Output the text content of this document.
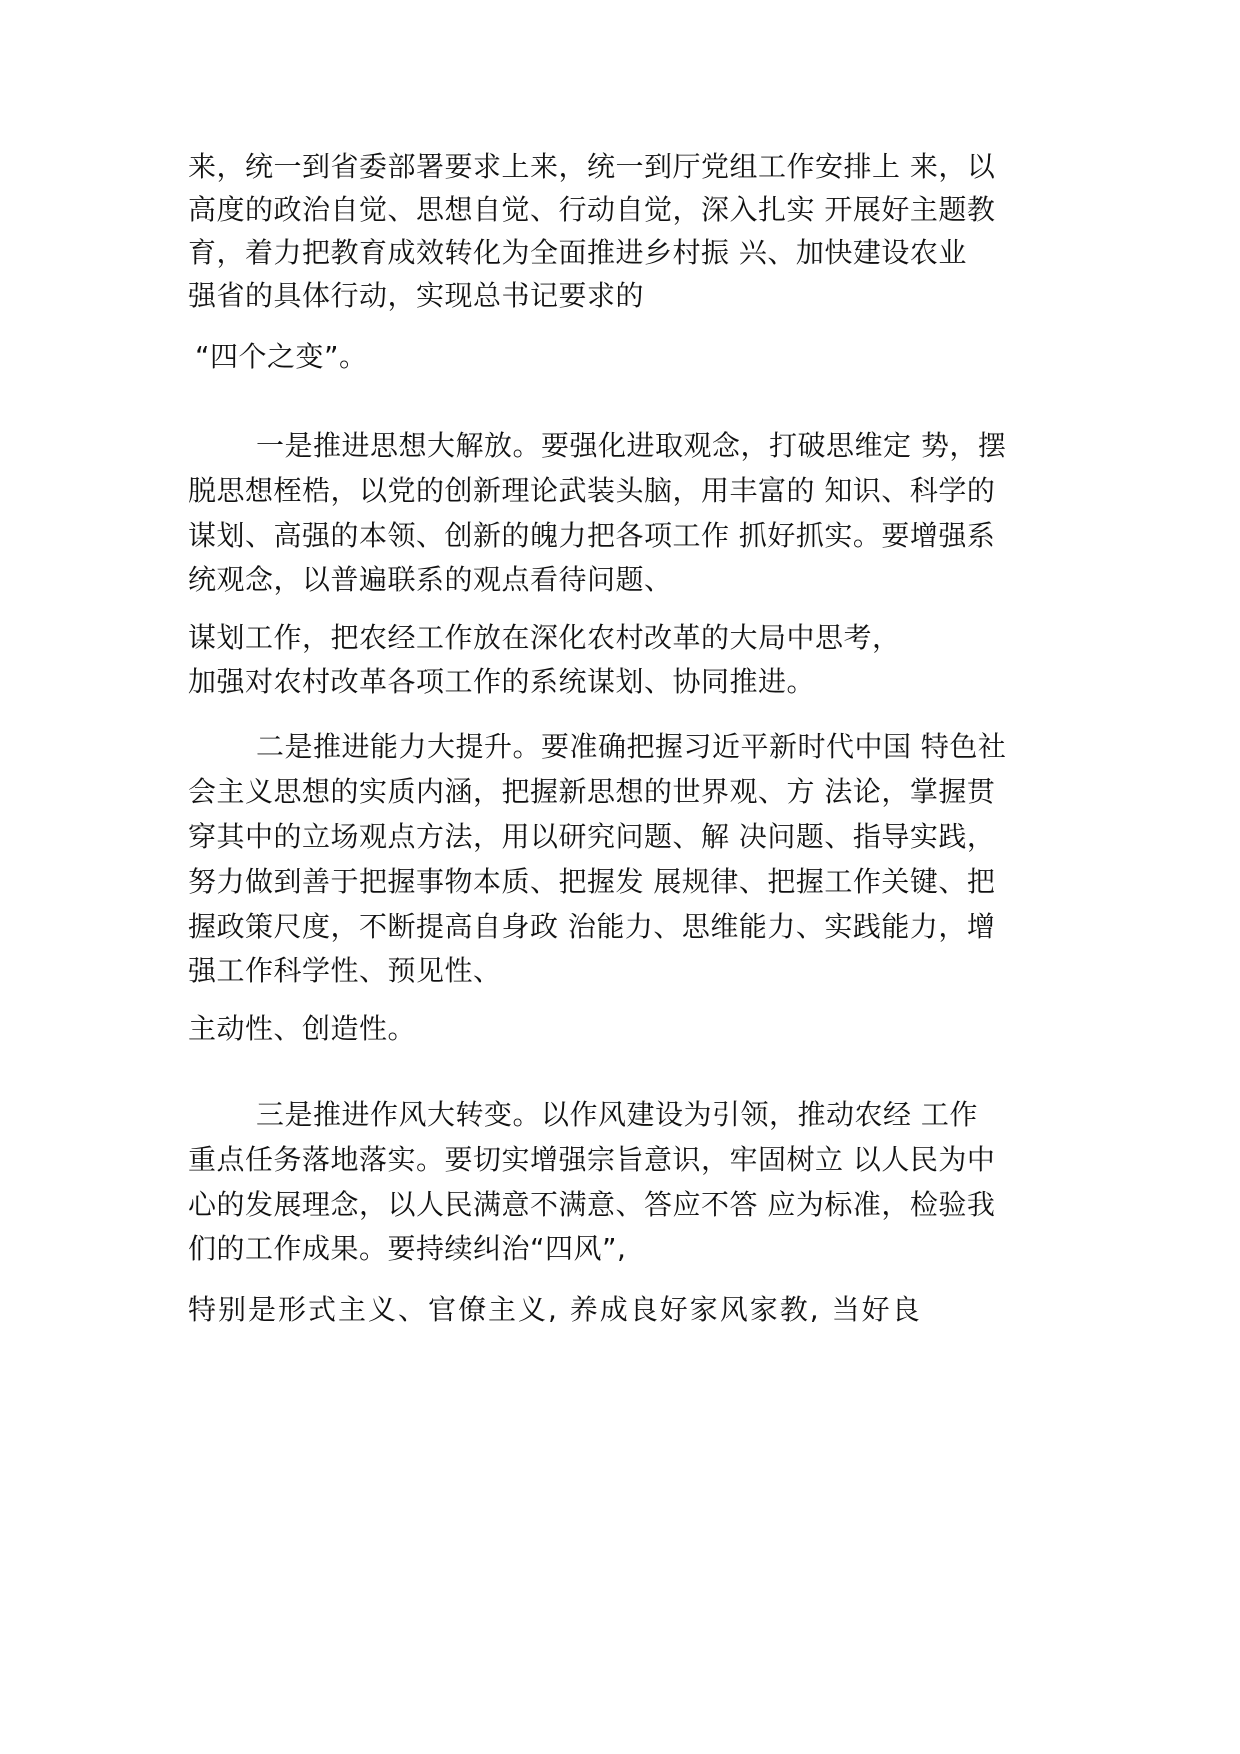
来，统一到省委部署要求上来，统一到厅党组工作安排上 来，以
高度的政治自觉、思想自觉、行动自觉，深入扎实 开展好主题教
育，着力把教育成效转化为全面推进乡村振 兴、加快建设农业
强省的具体行动，实现总书记要求的
“四个之变”。
一是推进思想大解放。要强化进取观念，打破思维定 势，摆
脱思想桎梏，以党的创新理论武装头脑，用丰富的 知识、科学的
谋划、高强的本领、创新的魄力把各项工作 抓好抓实。要增强系
统观念，以普遍联系的观点看待问题、
谋划工作，把农经工作放在深化农村改革的大局中思考，
加强对农村改革各项工作的系统谋划、协同推进。
二是推进能力大提升。要准确把握习近平新时代中国 特色社
会主义思想的实质内涵，把握新思想的世界观、方 法论，掌握贯
穿其中的立场观点方法，用以研究问题、解 决问题、指导实践，
努力做到善于把握事物本质、把握发 展规律、把握工作关键、把
握政策尺度，不断提高自身政 治能力、思维能力、实践能力，增
强工作科学性、预见性、
主动性、创造性。
三是推进作风大转变。以作风建设为引领，推动农经 工作
重点任务落地落实。要切实增强宗旨意识，牢固树立 以人民为中
心的发展理念，以人民满意不满意、答应不答 应为标准，检验我
们的工作成果。要持续纠治“四风”,
特别是形式主义、官僚主义, 养成良好家风家教, 当好良
